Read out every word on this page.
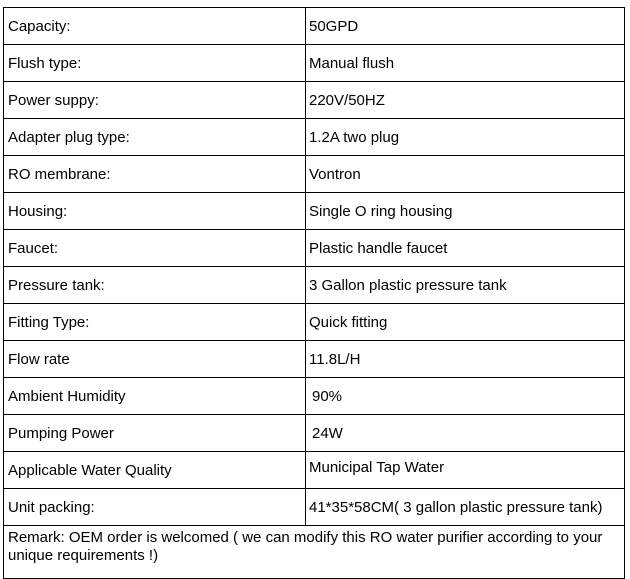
Capacity:	50GPD
Flush type:	Manual flush
Power suppy:	220V/50HZ
Adapter plug type:	1.2A two plug
RO membrane:	Vontron
Housing:	Single O ring housing
Faucet:	Plastic handle faucet
Pressure tank:	3 Gallon plastic pressure tank
Fitting Type:	Quick fitting
Flow rate	11.8L/H
Ambient Humidity	90%
Pumping Power	24W
Applicable Water Quality	Municipal Tap Water
Unit packing:	41*35*58CM( 3 gallon plastic pressure tank)
Remark: OEM order is welcomed ( we can modify this RO water purifier according to your unique requirements !)	
